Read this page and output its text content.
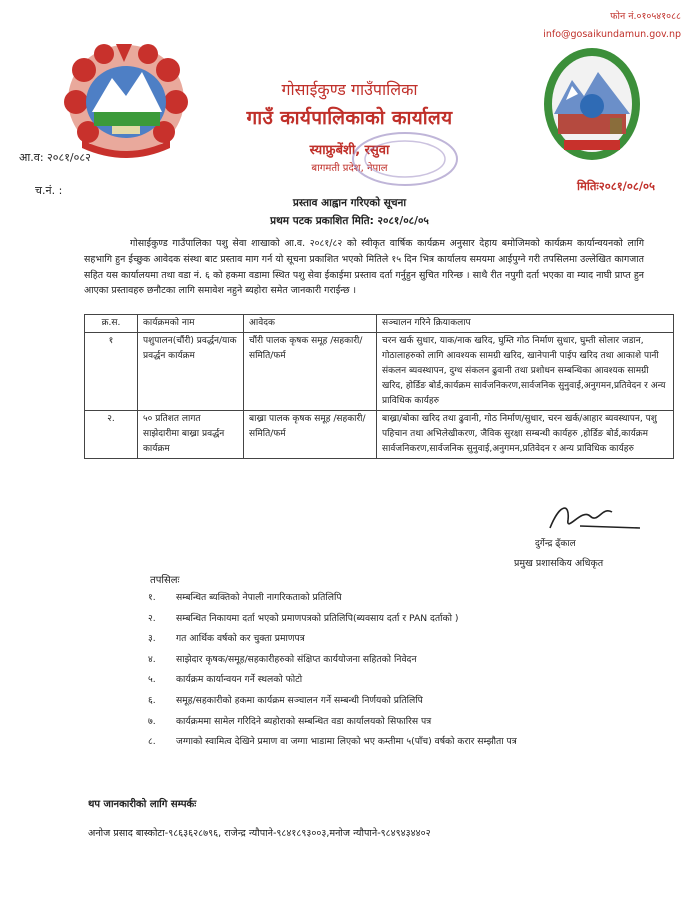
फोन नं.०१०५४१०८८
info@gosaikundamun.gov.np
गोसाईकुण्ड गाउँपालिका
गाउँ कार्यपालिकाको कार्यालय
स्याफ्रुबेंशी, रसुवा
बागमती प्रदेश, नेपाल
आ.व: २०८१/०८२
च.नं. :	मितिः२०८१/०८/०५
प्रस्ताव आह्वान गरिएको सूचना
प्रथम पटक प्रकाशित मिति: २०८१/०८/०५
गोसाईकुण्ड गाउँपालिका पशु सेवा शाखाको आ.व. २०८१/८२ को स्वीकृत वार्षिक कार्यक्रम अनुसार देहाय बमोजिमको कार्यक्रम कार्यान्वयनको लागि सहभागि हुन ईच्छुक आवेदक संस्था बाट प्रस्ताव माग गर्न यो सूचना प्रकाशित भएको मितिले १५ दिन भित्र कार्यालय समयमा आईपुग्ने गरी तपसिलमा उल्लेखित कागजात सहित यस कार्यालयमा तथा वडा नं. ६ को हकमा वडामा स्थित पशु सेवा ईकाईमा प्रस्ताव दर्ता गर्नुहुन सुचित गरिन्छ । साथै रीत नपुगी दर्ता भएका वा म्याद नाघी प्राप्त हुन आएका प्रस्तावहरु छनौटका लागि समावेश नहुने ब्यहोरा समेत जानकारी गराईन्छ ।
क्र.स.	कार्यक्रमको नाम	आवेदक	सञ्चालन गरिने क्रियाकलाप
१	पशुपालन(चौंरी) प्रवर्द्धन/याक प्रवर्द्धन कार्यक्रम	चौंरी पालक कृषक समूह /सहकारी/समिति/फर्म	चरन खर्क सुधार, याक/नाक खरिद, घुम्ति गोठ निर्माण सुधार, घुम्ती सोलार जडान, गोठालाहरुको लागि आवश्यक सामग्री खरिद, खानेपानी पाईप खरिद तथा आकाशे पानी संकलन ब्यवस्थापन, दुग्ध संकलन ढुवानी तथा प्रशोधन सम्बन्धिका आवश्यक सामग्री खरिद, होर्डिङ बोर्ड,कार्यक्रम सार्वजनिकरण,सार्वजनिक सुनुवाई,अनुगमन,प्रतिवेदन र अन्य प्राविधिक कार्यहरु
२.	५० प्रतिशत लागत साझेदारीमा बाख्रा प्रवर्द्धन कार्यक्रम	बाख्रा पालक कृषक समूह /सहकारी/समिति/फर्म	बाख्रा/बोका खरिद तथा ढुवानी, गोठ निर्माण/सुधार, चरन खर्क/आहार ब्यवस्थापन, पशु पहिचान तथा अभिलेखीकरण, जैविक सुरक्षा सम्बन्धी कार्यहरु ,होर्डिङ बोर्ड,कार्यक्रम सार्वजनिकरण,सार्वजनिक सुनुवाई,अनुगमन,प्रतिवेदन र अन्य प्राविधिक कार्यहरु
दुर्गेन्द्र ढ्ँकाल
प्रमुख प्रशासकिय अधिकृत
तपसिलः
१. सम्बन्धित ब्यक्तिको नेपाली नागरिकताको प्रतिलिपि
२. सम्बन्धित निकायमा दर्ता भएको प्रमाणपत्रको प्रतिलिपि(ब्यवसाय दर्ता र PAN दर्ताको )
३. गत आर्थिक वर्षको कर चुक्ता प्रमाणपत्र
४. साझेदार कृषक/समूह/सहकारीहरुको संक्षिप्त कार्ययोजना सहितको निवेदन
५. कार्यक्रम कार्यान्वयन गर्ने स्थलको फोटो
६. समूह/सहकारीको हकमा कार्यक्रम सञ्चालन गर्ने सम्बन्धी निर्णयको प्रतिलिपि
७. कार्यक्रममा सामेल गरिदिने ब्यहोराको सम्बन्धित वडा कार्यालयको सिफारिस पत्र
८. जग्गाको स्वामित्व देखिने प्रमाण वा जग्गा भाडामा लिएको भए कम्तीमा ५(पाँच) वर्षको करार सम्झौता पत्र
थप जानकारीको लागि सम्पर्कः
अनोज प्रसाद बास्कोटा-९८६३६२८७९६, राजेन्द्र न्यौपाने-९८४१८९३००३,मनोज न्यौपाने-९८४९४३४४०२
